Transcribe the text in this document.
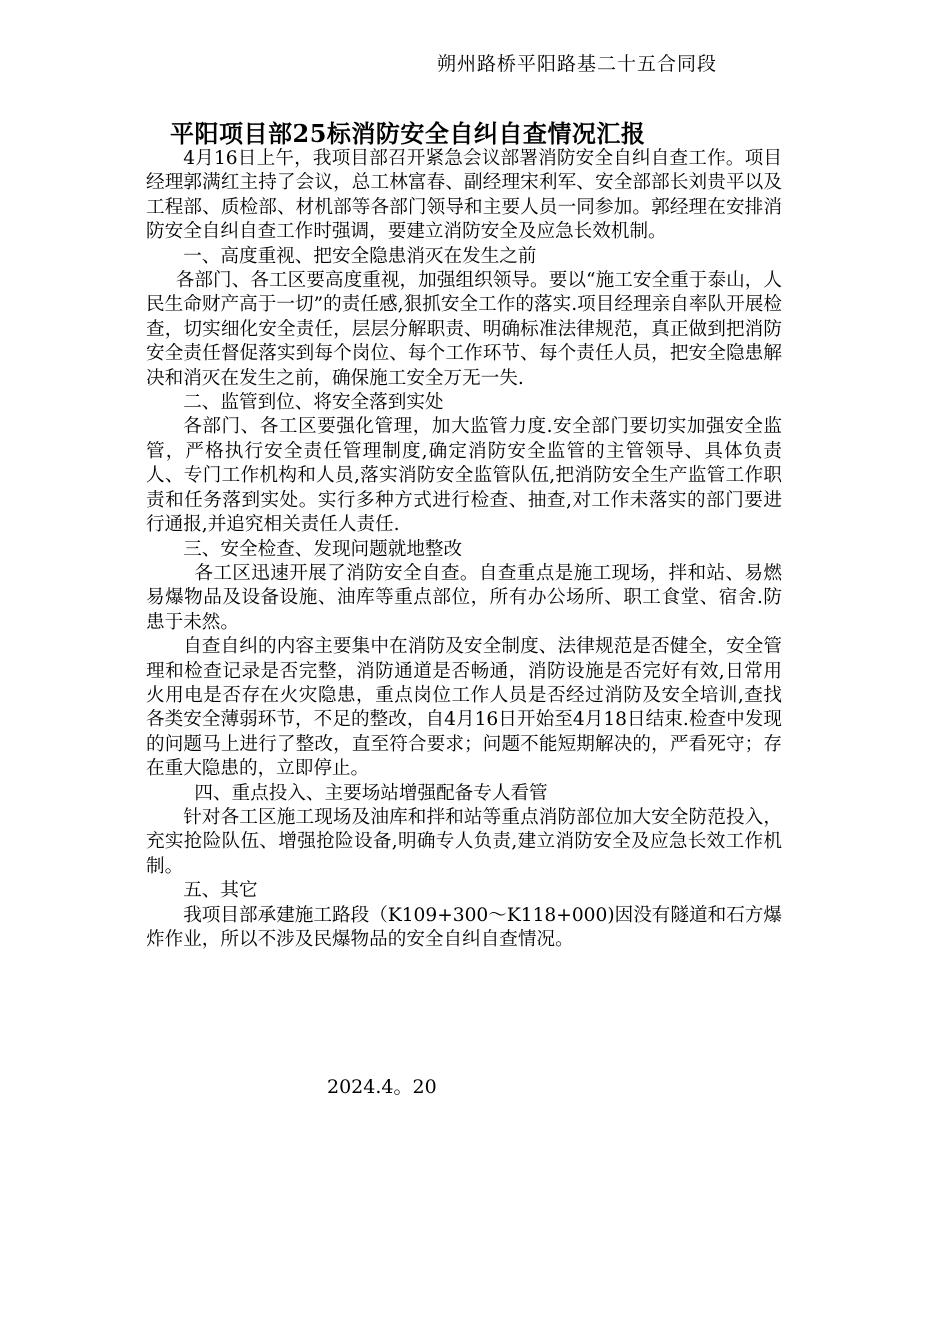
朔州路桥平阳路基二十五合同段
平阳项目部25标消防安全自纠自查情况汇报

4月16日上午，我项目部召开紧急会议部署消防安全自纠自查工作。项目经理郭满红主持了会议，总工林富春、副经理宋利军、安全部部长刘贵平以及工程部、质检部、材机部等各部门领导和主要人员一同参加。郭经理在安排消防安全自纠自查工作时强调，要建立消防安全及应急长效机制。

一、高度重视、把安全隐患消灭在发生之前

各部门、各工区要高度重视，加强组织领导。要以“施工安全重于泰山，人民生命财产高于一切”的责任感,狠抓安全工作的落实.项目经理亲自率队开展检查，切实细化安全责任，层层分解职责、明确标准法律规范，真正做到把消防安全责任督促落实到每个岗位、每个工作环节、每个责任人员，把安全隐患解决和消灭在发生之前，确保施工安全万无一失.

二、监管到位、将安全落到实处

各部门、各工区要强化管理，加大监管力度.安全部门要切实加强安全监管，严格执行安全责任管理制度,确定消防安全监管的主管领导、具体负责人、专门工作机构和人员,落实消防安全监管队伍,把消防安全生产监管工作职责和任务落到实处。实行多种方式进行检查、抽查,对工作未落实的部门要进行通报,并追究相关责任人责任.

三、安全检查、发现问题就地整改

各工区迅速开展了消防安全自查。自查重点是施工现场，拌和站、易燃易爆物品及设备设施、油库等重点部位，所有办公场所、职工食堂、宿舍.防患于未然。

自查自纠的内容主要集中在消防及安全制度、法律规范是否健全，安全管理和检查记录是否完整，消防通道是否畅通，消防设施是否完好有效,日常用火用电是否存在火灾隐患，重点岗位工作人员是否经过消防及安全培训,查找各类安全薄弱环节，不足的整改，自4月16日开始至4月18日结束.检查中发现的问题马上进行了整改，直至符合要求；问题不能短期解决的，严看死守；存在重大隐患的，立即停止。

四、重点投入、主要场站增强配备专人看管

针对各工区施工现场及油库和拌和站等重点消防部位加大安全防范投入，充实抢险队伍、增强抢险设备,明确专人负责,建立消防安全及应急长效工作机制。

五、其它

我项目部承建施工路段（K109+300～K118+000)因没有隧道和石方爆炸作业，所以不涉及民爆物品的安全自纠自查情况。

2024.4。20
